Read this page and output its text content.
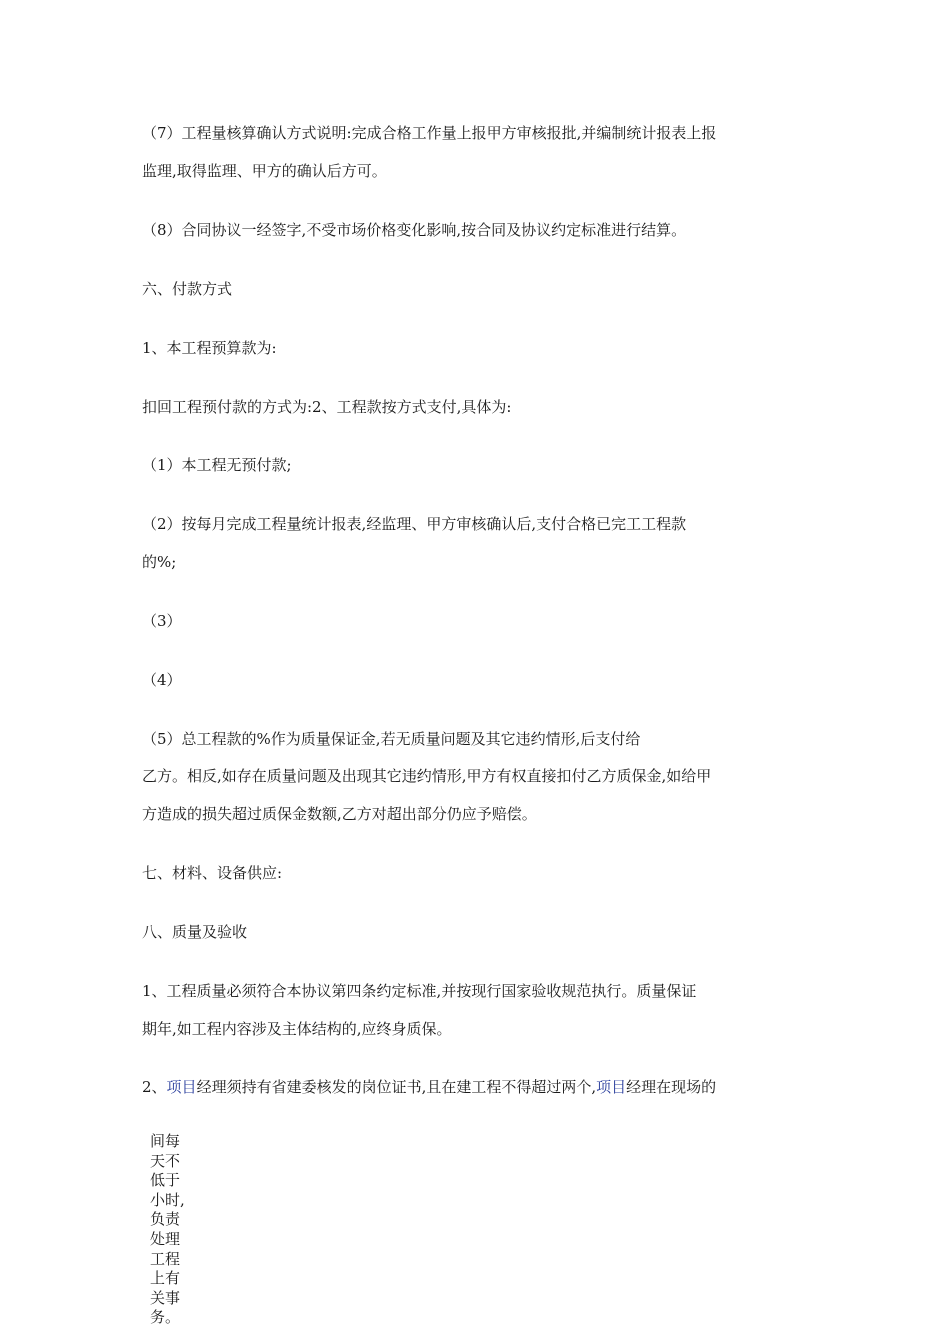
（7）工程量核算确认方式说明:完成合格工作量上报甲方审核报批,并编制统计报表上报
监理,取得监理、甲方的确认后方可。
（8）合同协议一经签字,不受市场价格变化影响,按合同及协议约定标准进行结算。
六、付款方式
1、本工程预算款为:
扣回工程预付款的方式为:2、工程款按方式支付,具体为:
（1）本工程无预付款;
（2）按每月完成工程量统计报表,经监理、甲方审核确认后,支付合格已完工工程款
的%;
（3）
（4）
（5）总工程款的%作为质量保证金,若无质量问题及其它违约情形,后支付给
乙方。相反,如存在质量问题及出现其它违约情形,甲方有权直接扣付乙方质保金,如给甲
方造成的损失超过质保金数额,乙方对超出部分仍应予赔偿。
七、材料、设备供应:
八、质量及验收
1、工程质量必须符合本协议第四条约定标准,并按现行国家验收规范执行。质量保证
期年,如工程内容涉及主体结构的,应终身质保。
2、项目经理须持有省建委核发的岗位证书,且在建工程不得超过两个,项目经理在现场的
间每
天不
低于
小时,
负责
处理
工程
上有
关事
务。
